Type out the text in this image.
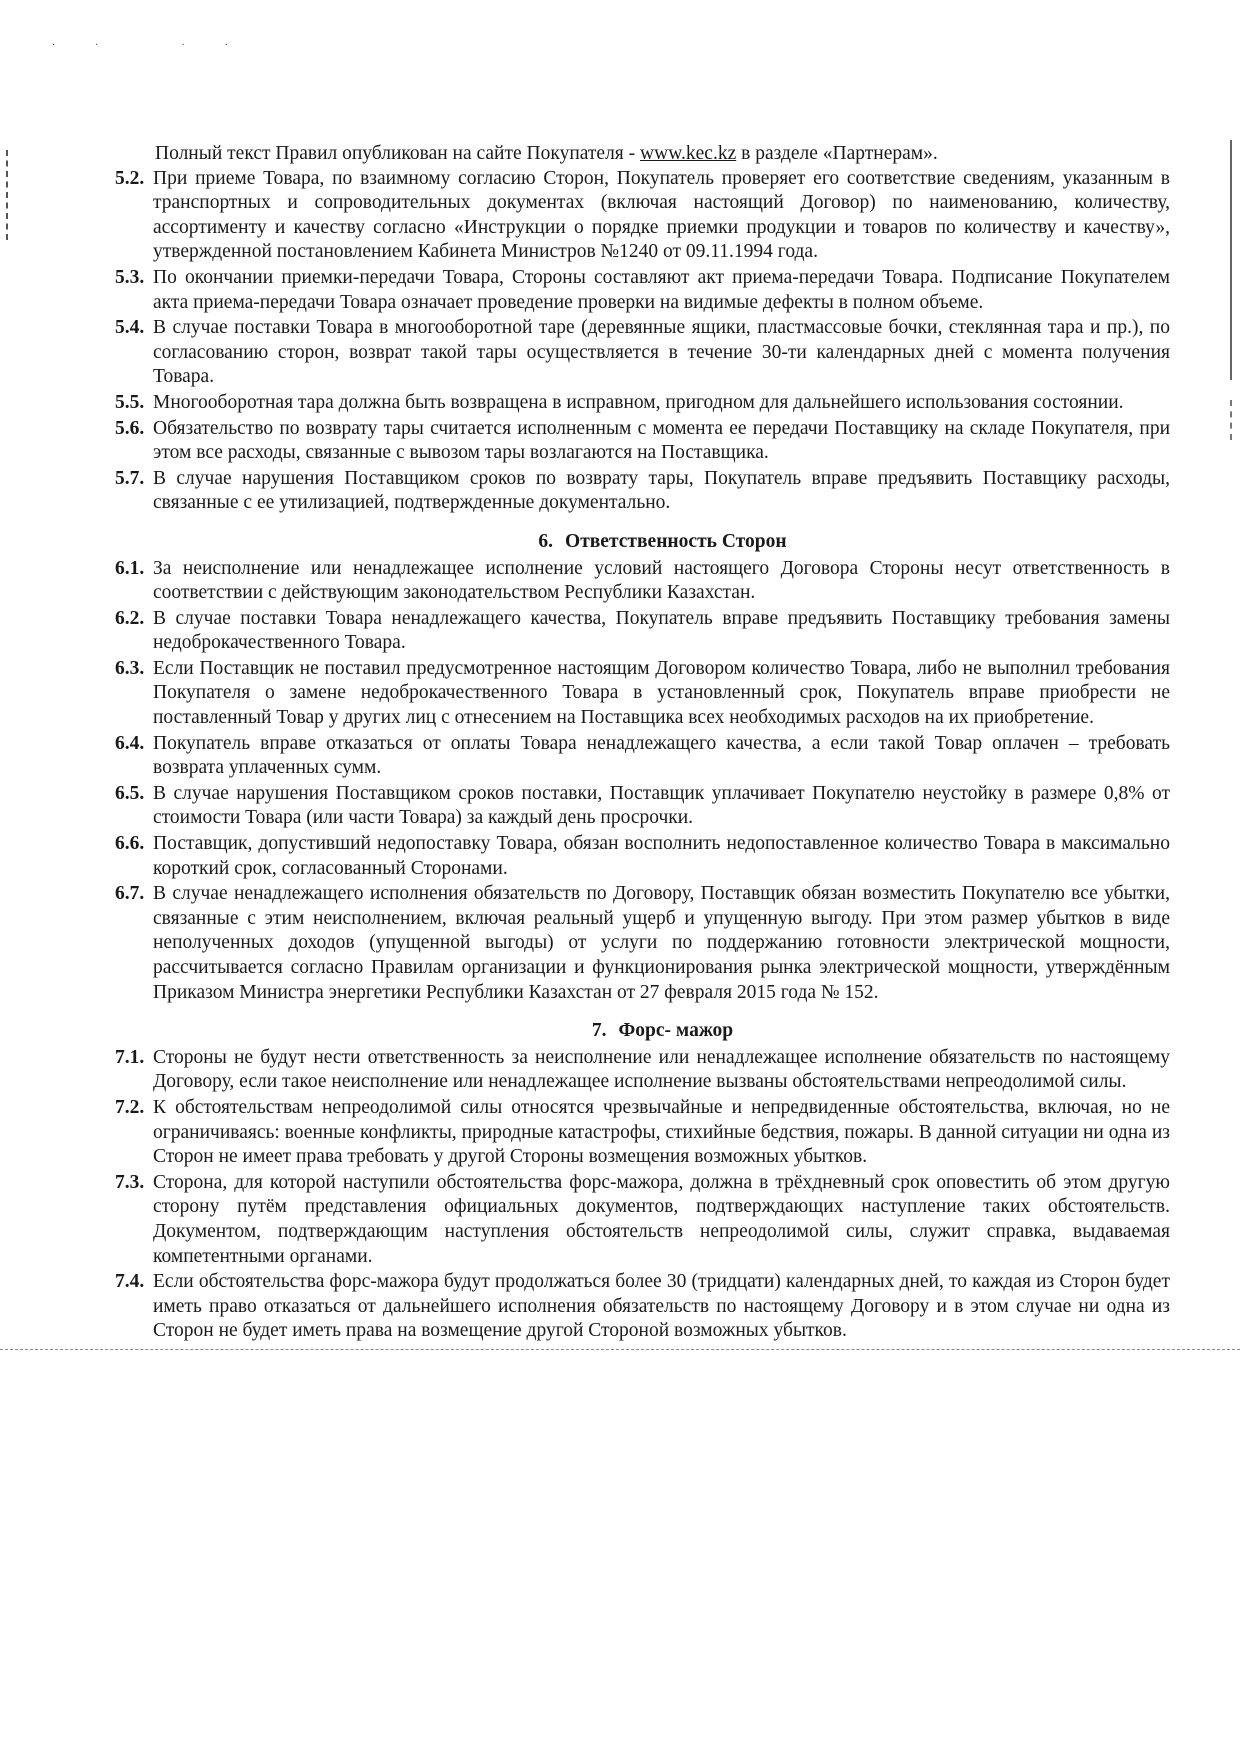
·· ··
Полный текст Правил опубликован на сайте Покупателя - www.kec.kz в разделе «Партнерам».
5.2. При приеме Товара, по взаимному согласию Сторон, Покупатель проверяет его соответствие сведениям, указанным в транспортных и сопроводительных документах (включая настоящий Договор) по наименованию, количеству, ассортименту и качеству согласно «Инструкции о порядке приемки продукции и товаров по количеству и качеству», утвержденной постановлением Кабинета Министров №1240 от 09.11.1994 года.
5.3. По окончании приемки-передачи Товара, Стороны составляют акт приема-передачи Товара. Подписание Покупателем акта приема-передачи Товара означает проведение проверки на видимые дефекты в полном объеме.
5.4. В случае поставки Товара в многооборотной таре (деревянные ящики, пластмассовые бочки, стеклянная тара и пр.), по согласованию сторон, возврат такой тары осуществляется в течение 30-ти календарных дней с момента получения Товара.
5.5. Многооборотная тара должна быть возвращена в исправном, пригодном для дальнейшего использования состоянии.
5.6. Обязательство по возврату тары считается исполненным с момента ее передачи Поставщику на складе Покупателя, при этом все расходы, связанные с вывозом тары возлагаются на Поставщика.
5.7. В случае нарушения Поставщиком сроков по возврату тары, Покупатель вправе предъявить Поставщику расходы, связанные с ее утилизацией, подтвержденные документально.
6. Ответственность Сторон
6.1. За неисполнение или ненадлежащее исполнение условий настоящего Договора Стороны несут ответственность в соответствии с действующим законодательством Республики Казахстан.
6.2. В случае поставки Товара ненадлежащего качества, Покупатель вправе предъявить Поставщику требования замены недоброкачественного Товара.
6.3. Если Поставщик не поставил предусмотренное настоящим Договором количество Товара, либо не выполнил требования Покупателя о замене недоброкачественного Товара в установленный срок, Покупатель вправе приобрести не поставленный Товар у других лиц с отнесением на Поставщика всех необходимых расходов на их приобретение.
6.4. Покупатель вправе отказаться от оплаты Товара ненадлежащего качества, а если такой Товар оплачен – требовать возврата уплаченных сумм.
6.5. В случае нарушения Поставщиком сроков поставки, Поставщик уплачивает Покупателю неустойку в размере 0,8% от стоимости Товара (или части Товара) за каждый день просрочки.
6.6. Поставщик, допустивший недопоставку Товара, обязан восполнить недопоставленное количество Товара в максимально короткий срок, согласованный Сторонами.
6.7. В случае ненадлежащего исполнения обязательств по Договору, Поставщик обязан возместить Покупателю все убытки, связанные с этим неисполнением, включая реальный ущерб и упущенную выгоду. При этом размер убытков в виде неполученных доходов (упущенной выгоды) от услуги по поддержанию готовности электрической мощности, рассчитывается согласно Правилам организации и функционирования рынка электрической мощности, утверждённым Приказом Министра энергетики Республики Казахстан от 27 февраля 2015 года № 152.
7. Форс- мажор
7.1. Стороны не будут нести ответственность за неисполнение или ненадлежащее исполнение обязательств по настоящему Договору, если такое неисполнение или ненадлежащее исполнение вызваны обстоятельствами непреодолимой силы.
7.2. К обстоятельствам непреодолимой силы относятся чрезвычайные и непредвиденные обстоятельства, включая, но не ограничиваясь: военные конфликты, природные катастрофы, стихийные бедствия, пожары. В данной ситуации ни одна из Сторон не имеет права требовать у другой Стороны возмещения возможных убытков.
7.3. Сторона, для которой наступили обстоятельства форс-мажора, должна в трёхдневный срок оповестить об этом другую сторону путём представления официальных документов, подтверждающих наступление таких обстоятельств. Документом, подтверждающим наступления обстоятельств непреодолимой силы, служит справка, выдаваемая компетентными органами.
7.4. Если обстоятельства форс-мажора будут продолжаться более 30 (тридцати) календарных дней, то каждая из Сторон будет иметь право отказаться от дальнейшего исполнения обязательств по настоящему Договору и в этом случае ни одна из Сторон не будет иметь права на возмещение другой Стороной возможных убытков.
